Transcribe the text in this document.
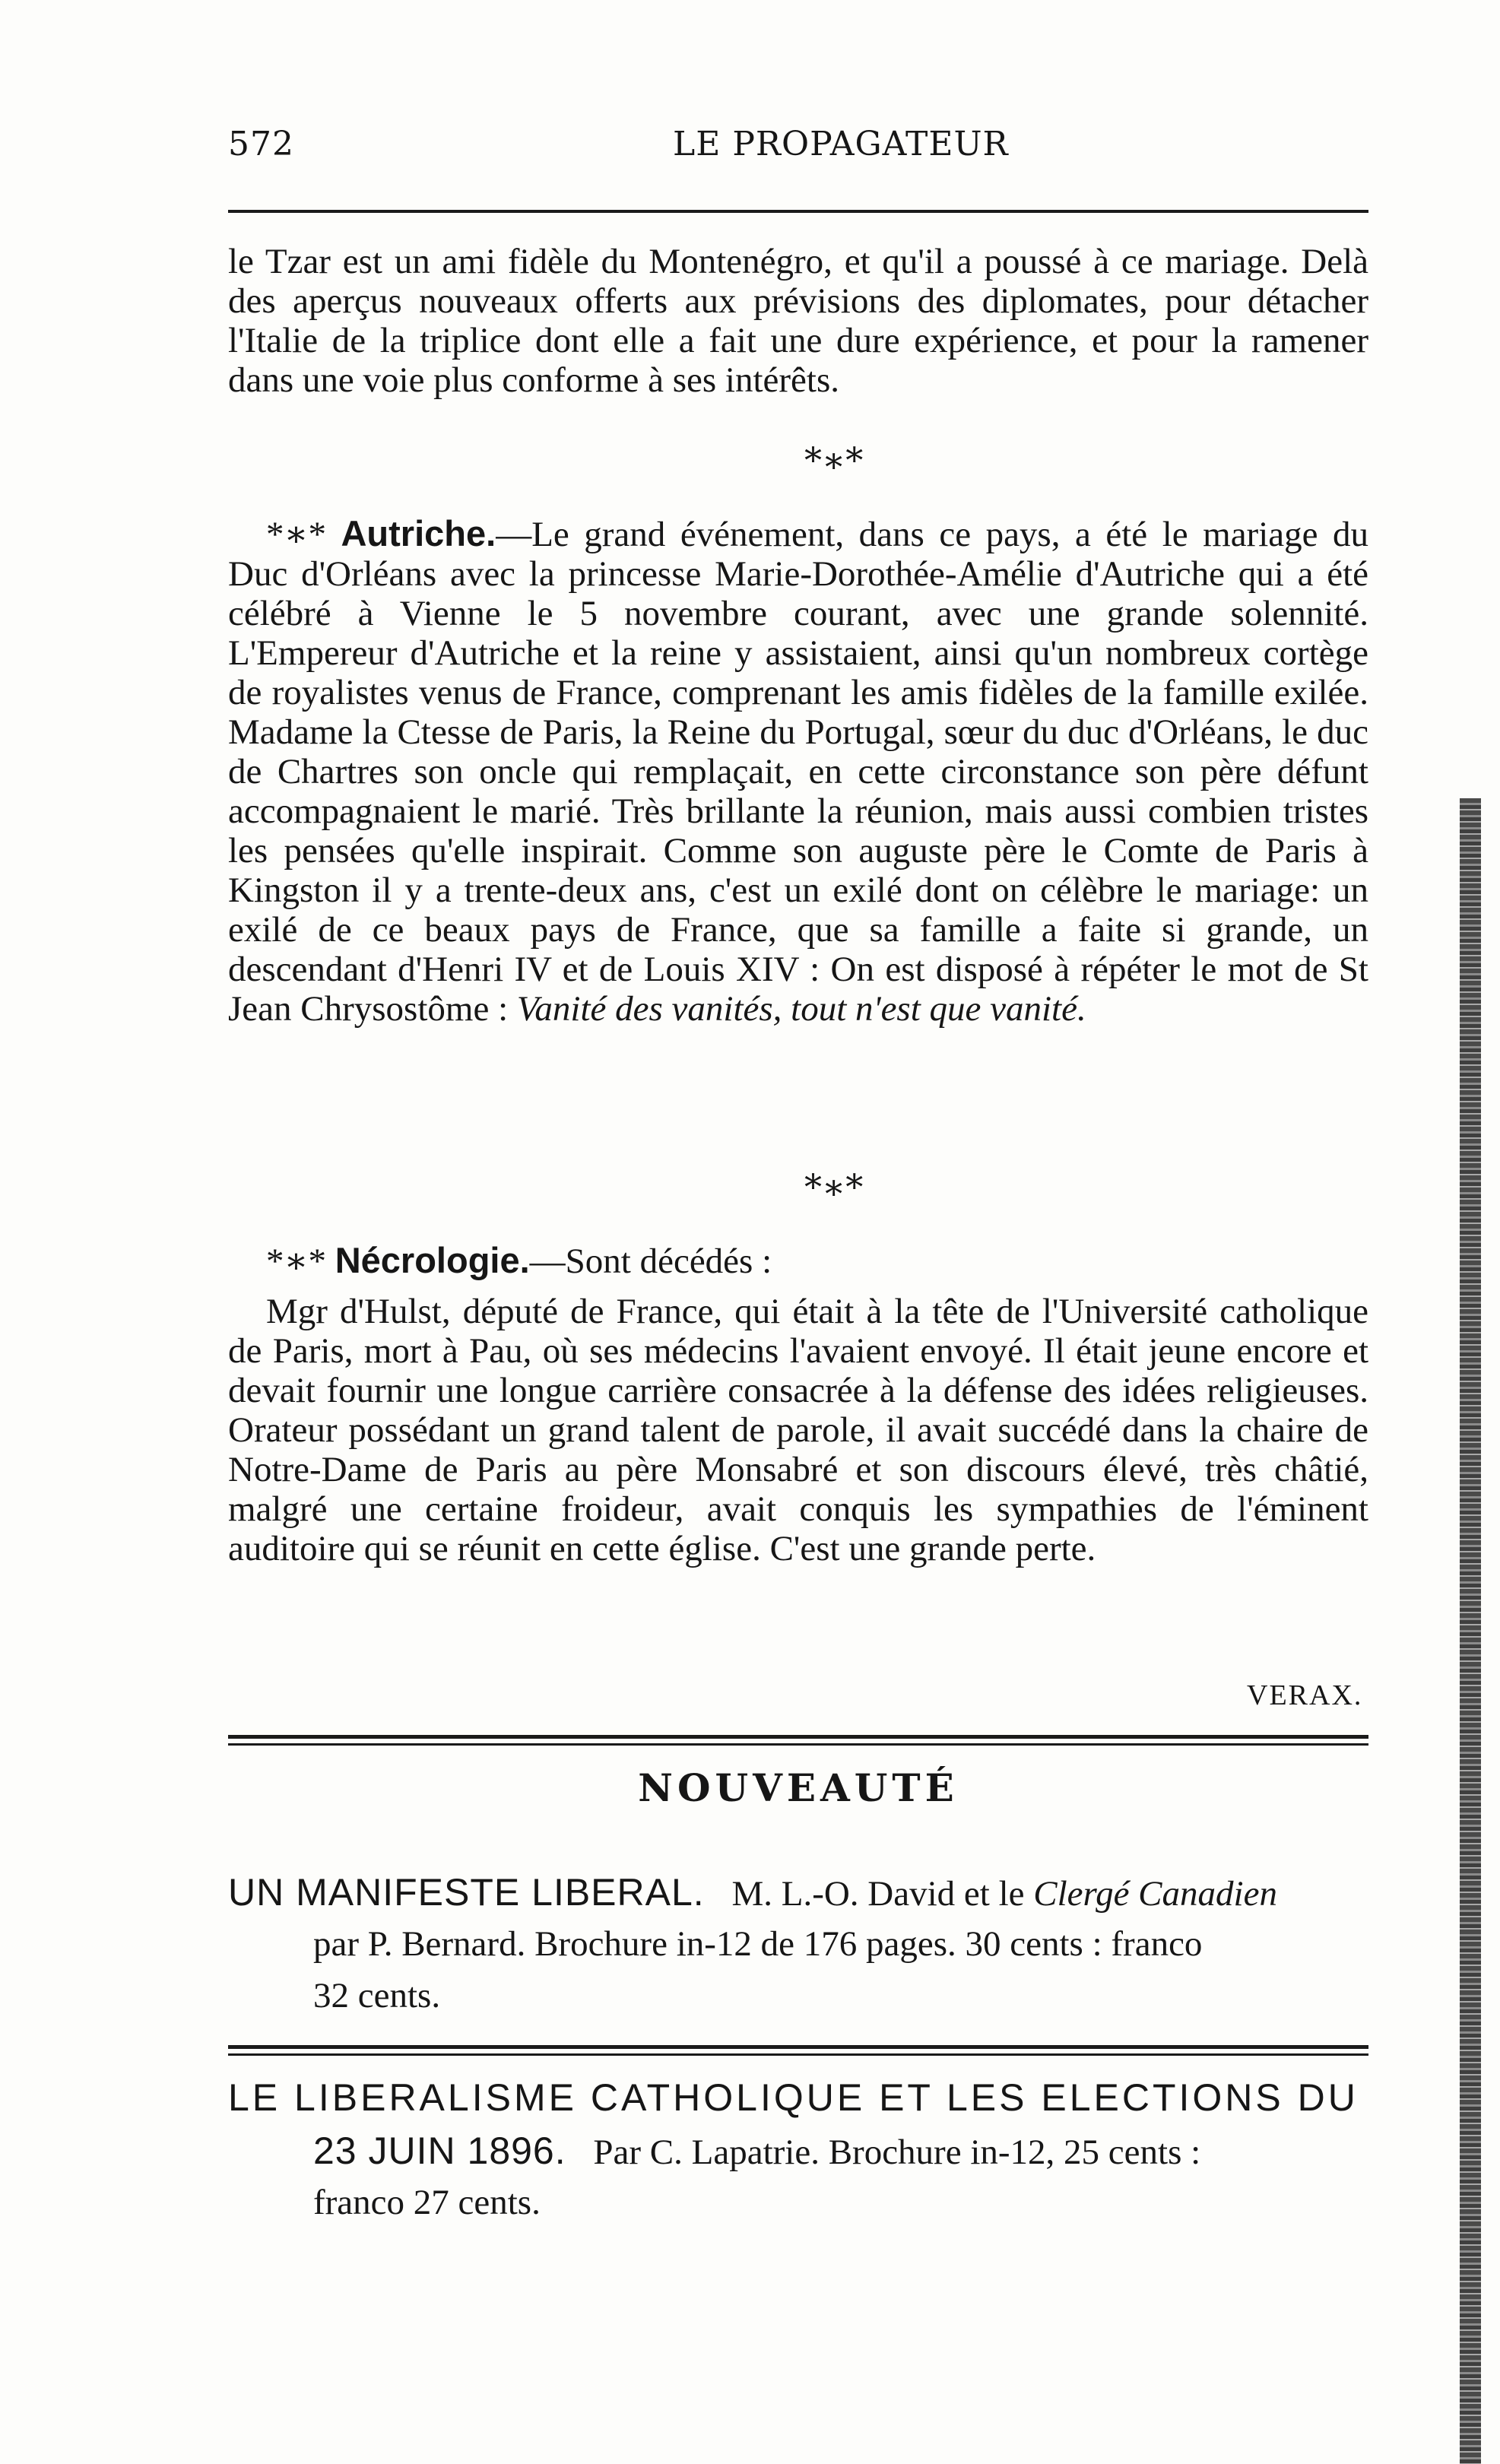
572	LE PROPAGATEUR

le Tzar est un ami fidèle du Montenégro, et qu'il a poussé à ce mariage. Delà des aperçus nouveaux offerts aux prévisions des diplomates, pour détacher l'Italie de la triplice dont elle a fait une dure expérience, et pour la ramener dans une voie plus conforme à ses intérêts.

*∗*

*∗* Autriche.—Le grand événement, dans ce pays, a été le mariage du Duc d'Orléans avec la princesse Marie-Dorothée-Amélie d'Autriche qui a été célébré à Vienne le 5 novembre courant, avec une grande solennité. L'Empereur d'Autriche et la reine y assistaient, ainsi qu'un nombreux cortège de royalistes venus de France, comprenant les amis fidèles de la famille exilée. Madame la Ctesse de Paris, la Reine du Portugal, sœur du duc d'Orléans, le duc de Chartres son oncle qui remplaçait, en cette circonstance son père défunt accompagnaient le marié. Très brillante la réunion, mais aussi combien tristes les pensées qu'elle inspirait. Comme son auguste père le Comte de Paris à Kingston il y a trente-deux ans, c'est un exilé dont on célèbre le mariage: un exilé de ce beaux pays de France, que sa famille a faite si grande, un descendant d'Henri IV et de Louis XIV : On est disposé à répéter le mot de St Jean Chrysostôme : Vanité des vanités, tout n'est que vanité.

*∗*

*∗* Nécrologie.—Sont décédés :

Mgr d'Hulst, député de France, qui était à la tête de l'Université catholique de Paris, mort à Pau, où ses médecins l'avaient envoyé. Il était jeune encore et devait fournir une longue carrière consacrée à la défense des idées religieuses. Orateur possédant un grand talent de parole, il avait succédé dans la chaire de Notre-Dame de Paris au père Monsabré et son discours élevé, très châtié, malgré une certaine froideur, avait conquis les sympathies de l'éminent auditoire qui se réunit en cette église. C'est une grande perte.

VERAX.
NOUVEAUTÉ
UN MANIFESTE LIBERAL. M. L.-O. David et le Clergé Canadien
par P. Bernard. Brochure in-12 de 176 pages. 30 cents : franco
32 cents.
LE LIBERALISME CATHOLIQUE ET LES ELECTIONS DU
23 JUIN 1896. Par C. Lapatrie. Brochure in-12, 25 cents :
franco 27 cents.
